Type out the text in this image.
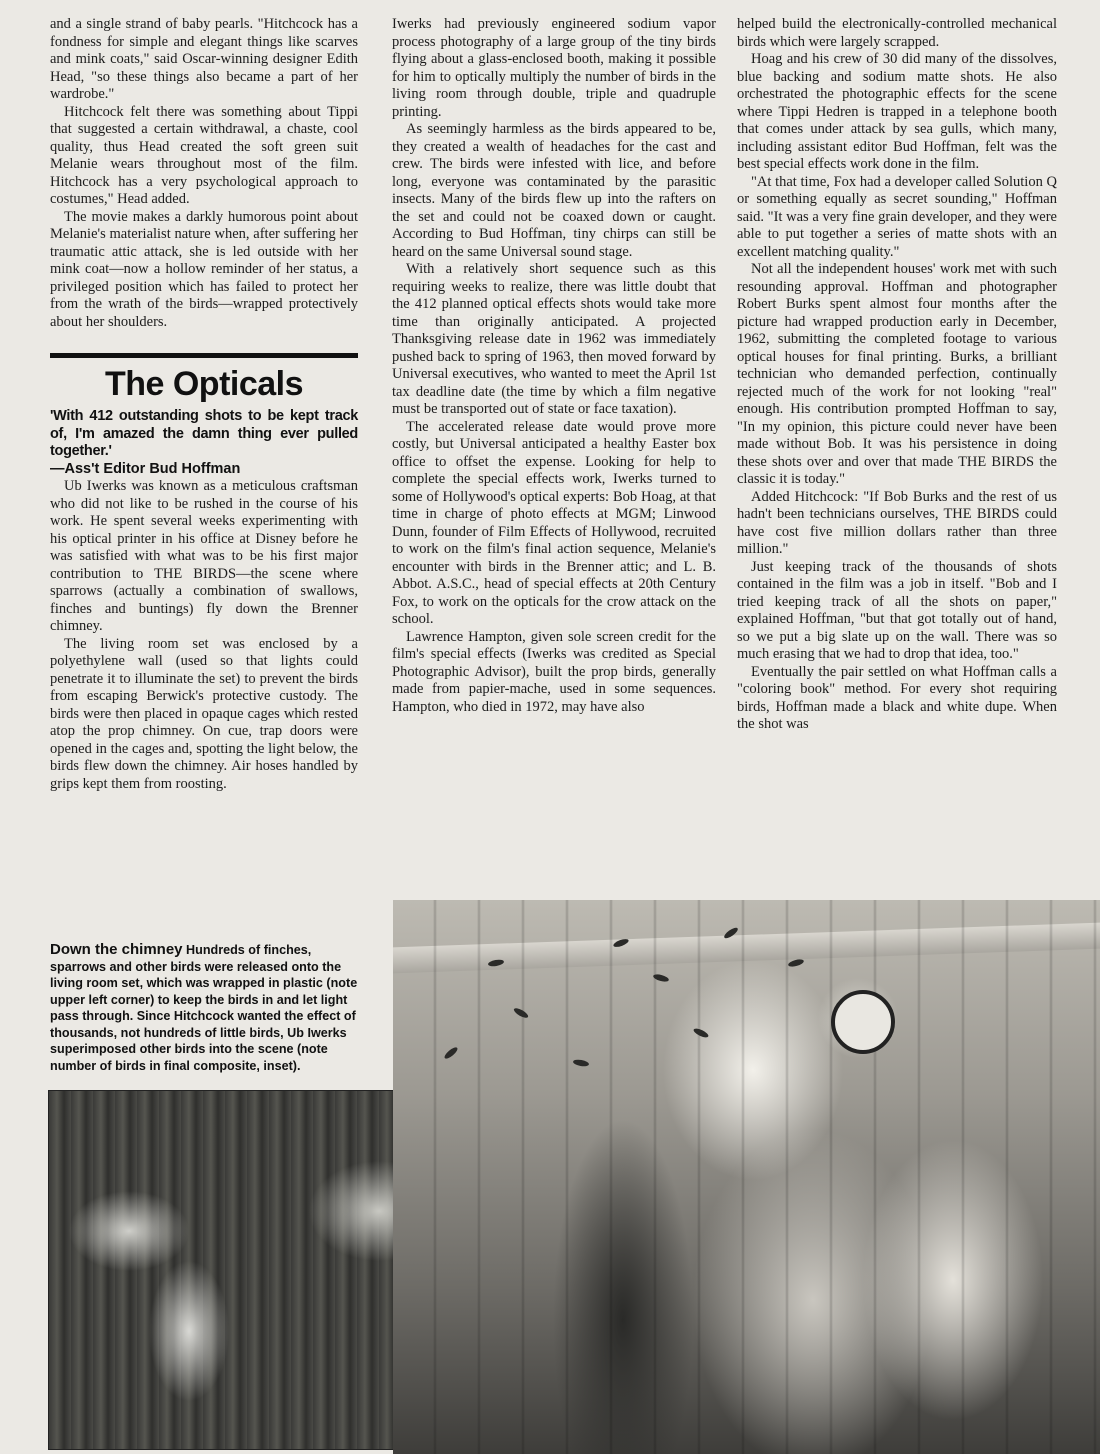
and a single strand of baby pearls. "Hitchcock has a fondness for simple and elegant things like scarves and mink coats," said Oscar-winning designer Edith Head, "so these things also became a part of her wardrobe."

Hitchcock felt there was something about Tippi that suggested a certain withdrawal, a chaste, cool quality, thus Head created the soft green suit Melanie wears throughout most of the film. Hitchcock has a very psychological approach to costumes," Head added.

The movie makes a darkly humorous point about Melanie's materialist nature when, after suffering her traumatic attic attack, she is led outside with her mink coat—now a hollow reminder of her status, a privileged position which has failed to protect her from the wrath of the birds—wrapped protectively about her shoulders.

The Opticals

'With 412 outstanding shots to be kept track of, I'm amazed the damn thing ever pulled together.'

—Ass't Editor Bud Hoffman

Ub Iwerks was known as a meticulous craftsman who did not like to be rushed in the course of his work. He spent several weeks experimenting with his optical printer in his office at Disney before he was satisfied with what was to be his first major contribution to THE BIRDS—the scene where sparrows (actually a combination of swallows, finches and buntings) fly down the Brenner chimney.

The living room set was enclosed by a polyethylene wall (used so that lights could penetrate it to illuminate the set) to prevent the birds from escaping Berwick's protective custody. The birds were then placed in opaque cages which rested atop the prop chimney. On cue, trap doors were opened in the cages and, spotting the light below, the birds flew down the chimney. Air hoses handled by grips kept them from roosting.

Iwerks had previously engineered sodium vapor process photography of a large group of the tiny birds flying about a glass-enclosed booth, making it possible for him to optically multiply the number of birds in the living room through double, triple and quadruple printing.

As seemingly harmless as the birds appeared to be, they created a wealth of headaches for the cast and crew. The birds were infested with lice, and before long, everyone was contaminated by the parasitic insects. Many of the birds flew up into the rafters on the set and could not be coaxed down or caught. According to Bud Hoffman, tiny chirps can still be heard on the same Universal sound stage.

With a relatively short sequence such as this requiring weeks to realize, there was little doubt that the 412 planned optical effects shots would take more time than originally anticipated. A projected Thanksgiving release date in 1962 was immediately pushed back to spring of 1963, then moved forward by Universal executives, who wanted to meet the April 1st tax deadline date (the time by which a film negative must be transported out of state or face taxation).

The accelerated release date would prove more costly, but Universal anticipated a healthy Easter box office to offset the expense. Looking for help to complete the special effects work, Iwerks turned to some of Hollywood's optical experts: Bob Hoag, at that time in charge of photo effects at MGM; Linwood Dunn, founder of Film Effects of Hollywood, recruited to work on the film's final action sequence, Melanie's encounter with birds in the Brenner attic; and L. B. Abbot. A.S.C., head of special effects at 20th Century Fox, to work on the opticals for the crow attack on the school.

Lawrence Hampton, given sole screen credit for the film's special effects (Iwerks was credited as Special Photographic Advisor), built the prop birds, generally made from papier-mache, used in some sequences. Hampton, who died in 1972, may have also

helped build the electronically-controlled mechanical birds which were largely scrapped.

Hoag and his crew of 30 did many of the dissolves, blue backing and sodium matte shots. He also orchestrated the photographic effects for the scene where Tippi Hedren is trapped in a telephone booth that comes under attack by sea gulls, which many, including assistant editor Bud Hoffman, felt was the best special effects work done in the film.

"At that time, Fox had a developer called Solution Q or something equally as secret sounding," Hoffman said. "It was a very fine grain developer, and they were able to put together a series of matte shots with an excellent matching quality."

Not all the independent houses' work met with such resounding approval. Hoffman and photographer Robert Burks spent almost four months after the picture had wrapped production early in December, 1962, submitting the completed footage to various optical houses for final printing. Burks, a brilliant technician who demanded perfection, continually rejected much of the work for not looking "real" enough. His contribution prompted Hoffman to say, "In my opinion, this picture could never have been made without Bob. It was his persistence in doing these shots over and over that made THE BIRDS the classic it is today."

Added Hitchcock: "If Bob Burks and the rest of us hadn't been technicians ourselves, THE BIRDS could have cost five million dollars rather than three million."

Just keeping track of the thousands of shots contained in the film was a job in itself. "Bob and I tried keeping track of all the shots on paper," explained Hoffman, "but that got totally out of hand, so we put a big slate up on the wall. There was so much erasing that we had to drop that idea, too."

Eventually the pair settled on what Hoffman calls a "coloring book" method. For every shot requiring birds, Hoffman made a black and white dupe. When the shot was

Down the chimney Hundreds of finches, sparrows and other birds were released onto the living room set, which was wrapped in plastic (note upper left corner) to keep the birds in and let light pass through. Since Hitchcock wanted the effect of thousands, not hundreds of little birds, Ub Iwerks superimposed other birds into the scene (note number of birds in final composite, inset).
